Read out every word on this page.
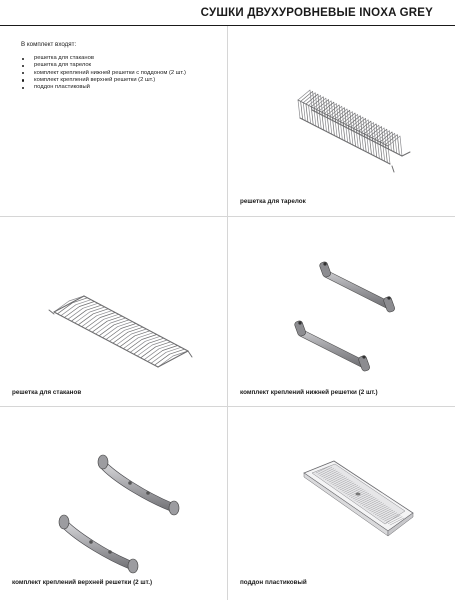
СУШКИ ДВУХУРОВНЕВЫЕ INOXA GREY
В комплект входят:
решетка для стаканов
решетка для тарелок
комплект креплений нижней решетки с поддоном (2 шт.)
комплект креплений верхней решетки (2 шт.)
поддон пластиковый
решетка для тарелок
решетка для стаканов	комплект креплений нижней решетки (2 шт.)
комплект креплений верхней решетки (2 шт.)	поддон пластиковый
